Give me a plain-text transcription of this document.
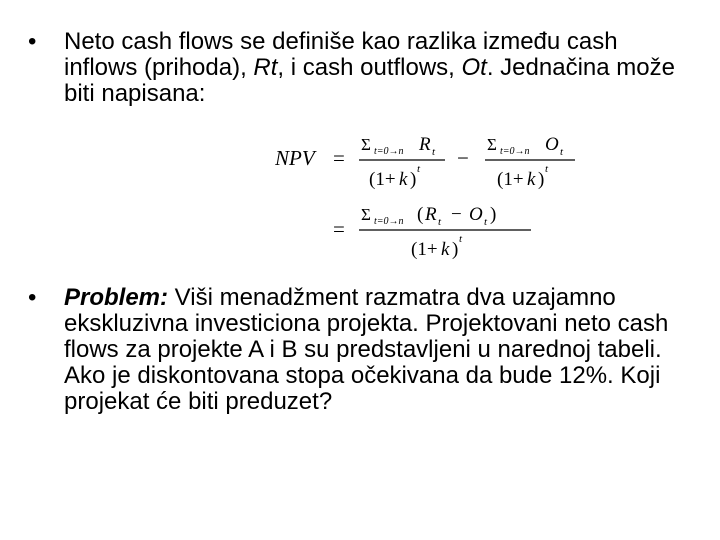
•	Neto cash flows se definiše kao razlika između cash inflows (prihoda), Rt, i cash outflows, Ot. Jednačina može biti napisana:
NPV =
Σ t=0→n R t
(1+ k ) t −
Σ t=0→n O t
(1+ k ) t
=
Σ t=0→n ( R t − O t )
(1+ k ) t
•	Problem: Viši menadžment razmatra dva uzajamno ekskluzivna investiciona projekta. Projektovani neto cash flows za projekte A i B su predstavljeni u narednoj tabeli. Ako je diskontovana stopa očekivana da bude 12%. Koji projekat će biti preduzet?
